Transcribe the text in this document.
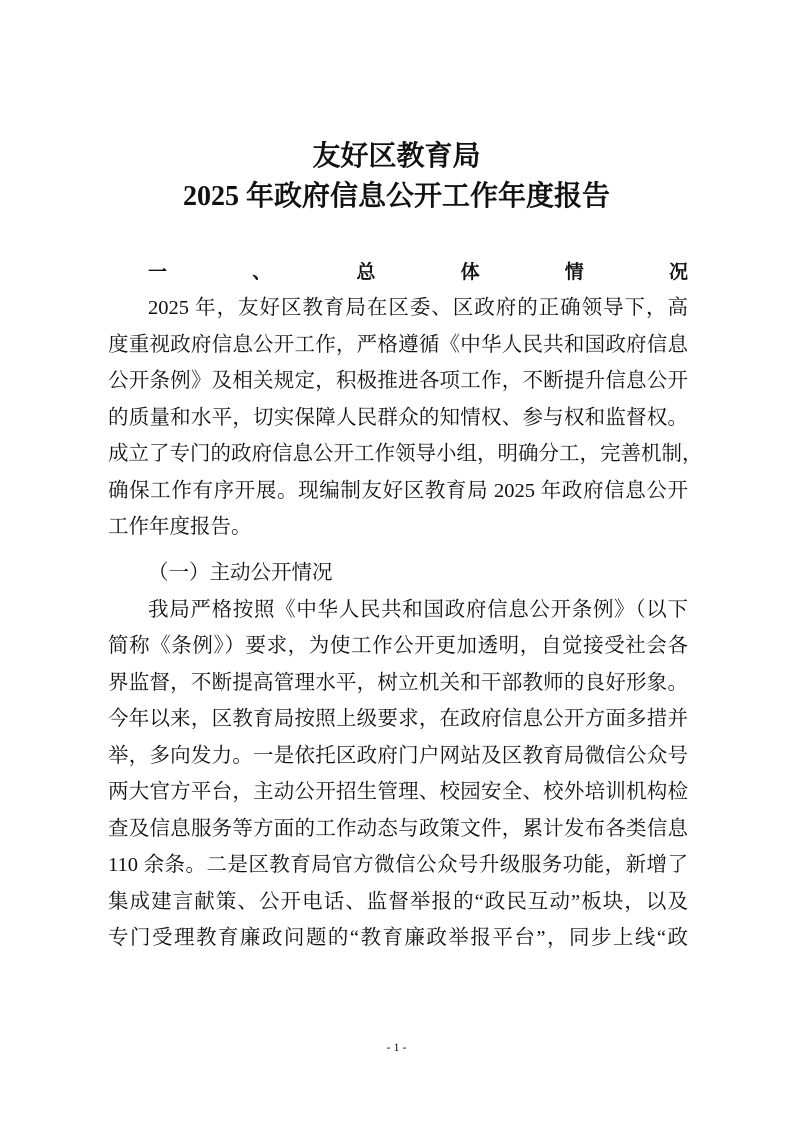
友好区教育局
2025 年政府信息公开工作年度报告
一、总体情况
2025 年，友好区教育局在区委、区政府的正确领导下，高
度重视政府信息公开工作，严格遵循《中华人民共和国政府信息
公开条例》及相关规定，积极推进各项工作，不断提升信息公开
的质量和水平，切实保障人民群众的知情权、参与权和监督权。
成立了专门的政府信息公开工作领导小组，明确分工，完善机制，
确保工作有序开展。现编制友好区教育局 2025 年政府信息公开
工作年度报告。
（一）主动公开情况
我局严格按照《中华人民共和国政府信息公开条例》（以下
简称《条例》）要求，为使工作公开更加透明，自觉接受社会各
界监督，不断提高管理水平，树立机关和干部教师的良好形象。
今年以来，区教育局按照上级要求，在政府信息公开方面多措并
举，多向发力。一是依托区政府门户网站及区教育局微信公众号
两大官方平台，主动公开招生管理、校园安全、校外培训机构检
查及信息服务等方面的工作动态与政策文件，累计发布各类信息
110 余条。二是区教育局官方微信公众号升级服务功能，新增了
集成建言献策、公开电话、监督举报的“政民互动”板块，以及
专门受理教育廉政问题的“教育廉政举报平台”，同步上线“政
- 1 -
